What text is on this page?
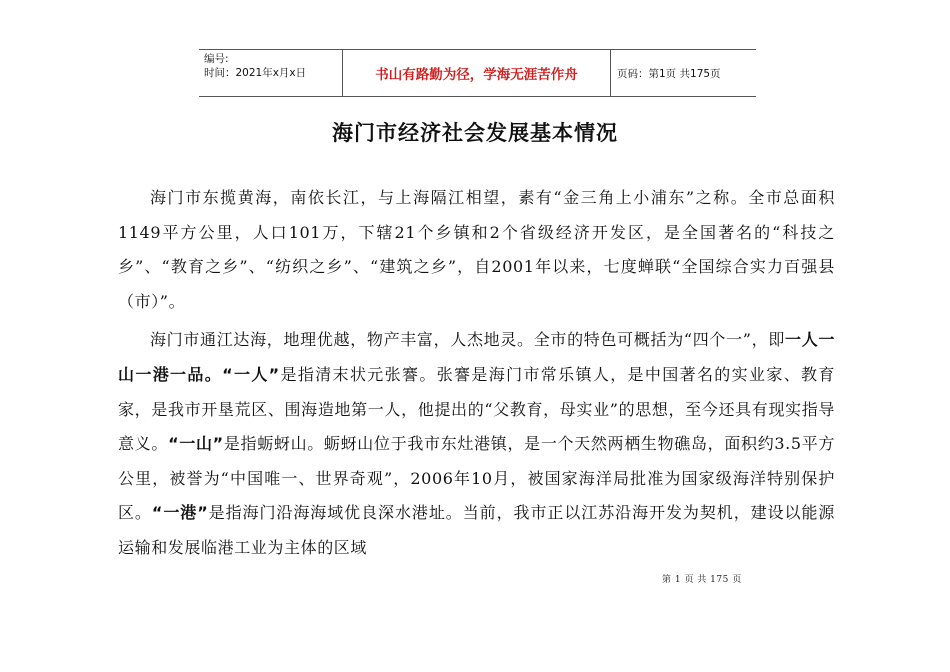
编号:
时间：2021年x月x日	书山有路勤为径，学海无涯苦作舟	页码：第1页 共175页
海门市经济社会发展基本情况

海门市东揽黄海，南依长江，与上海隔江相望，素有“金三角上小浦东”之称。全市总面积1149平方公里，人口101万，下辖21个乡镇和2个省级经济开发区，是全国著名的“科技之乡”、“教育之乡”、“纺织之乡”、“建筑之乡”，自2001年以来，七度蝉联“全国综合实力百强县（市）”。

海门市通江达海，地理优越，物产丰富，人杰地灵。全市的特色可概括为“四个一”，即一人一山一港一品。“一人”是指清末状元张謇。张謇是海门市常乐镇人，是中国著名的实业家、教育家，是我市开垦荒区、围海造地第一人，他提出的“父教育，母实业”的思想，至今还具有现实指导意义。“一山”是指蛎蚜山。蛎蚜山位于我市东灶港镇，是一个天然两栖生物礁岛，面积约3.5平方公里，被誉为“中国唯一、世界奇观”，2006年10月，被国家海洋局批准为国家级海洋特别保护区。“一港”是指海门沿海海域优良深水港址。当前，我市正以江苏沿海开发为契机，建设以能源运输和发展临港工业为主体的区域

第 1 页 共 175 页
